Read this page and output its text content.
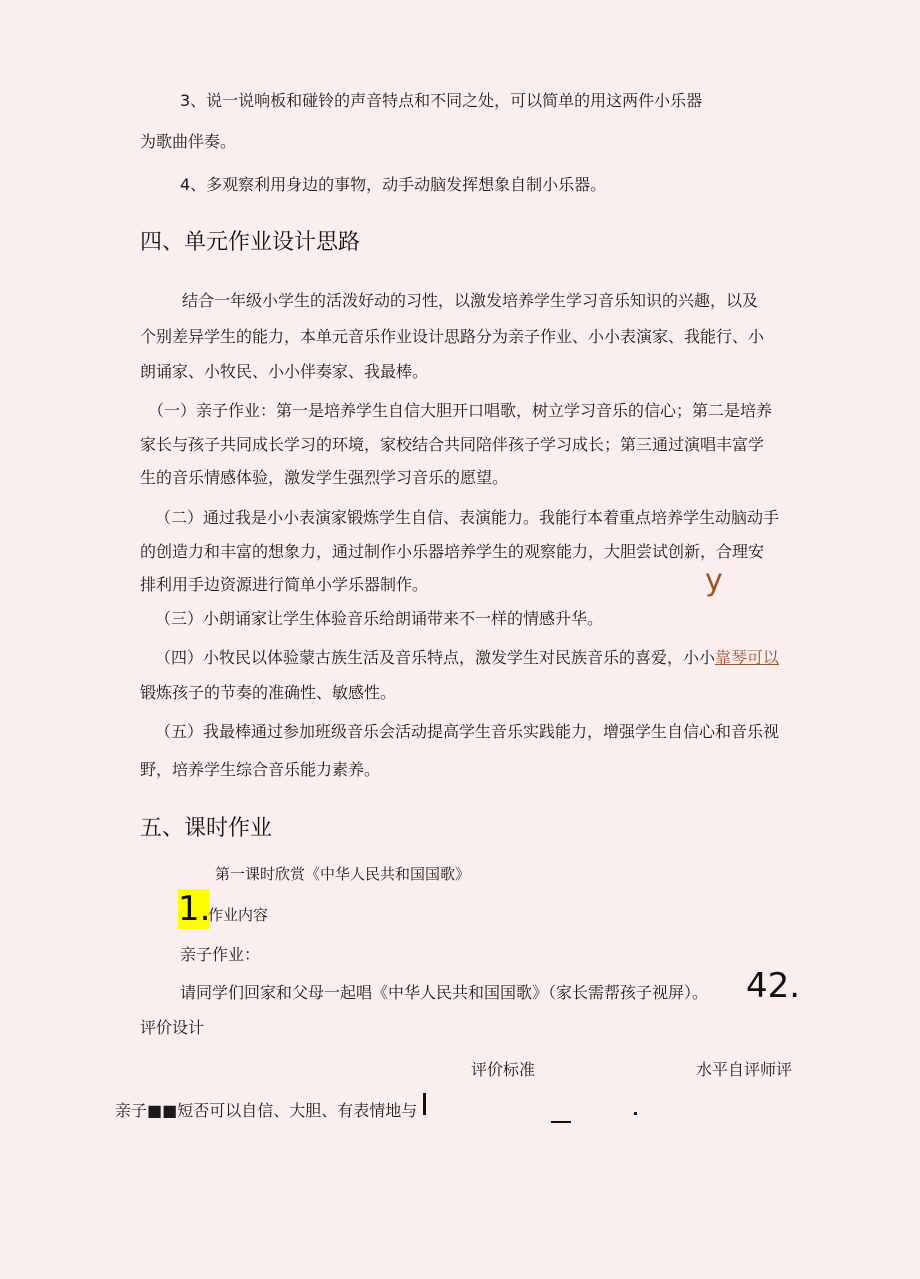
3、说一说响板和碰铃的声音特点和不同之处，可以简单的用这两件小乐器
为歌曲伴奏。
4、多观察利用身边的事物，动手动脑发挥想象自制小乐器。
四、单元作业设计思路
结合一年级小学生的活泼好动的习性，以激发培养学生学习音乐知识的兴趣，以及
个别差异学生的能力，本单元音乐作业设计思路分为亲子作业、小小表演家、我能行、小
朗诵家、小牧民、小小伴奏家、我最棒。
（一）亲子作业：第一是培养学生自信大胆开口唱歌，树立学习音乐的信心；第二是培养
家长与孩子共同成长学习的环境，家校结合共同陪伴孩子学习成长；第三通过演唱丰富学
生的音乐情感体验，激发学生强烈学习音乐的愿望。
（二）通过我是小小表演家锻炼学生自信、表演能力。我能行本着重点培养学生动脑动手
的创造力和丰富的想象力，通过制作小乐器培养学生的观察能力，大胆尝试创新，合理安
排利用手边资源进行简单小学乐器制作。	y
（三）小朗诵家让学生体验音乐给朗诵带来不一样的情感升华。
（四）小牧民以体验蒙古族生活及音乐特点，激发学生对民族音乐的喜爱，小小靠琴可以
锻炼孩子的节奏的准确性、敏感性。
（五）我最棒通过参加班级音乐会活动提高学生音乐实践能力，增强学生自信心和音乐视
野，培养学生综合音乐能力素养。
五、课时作业
第一课时欣赏《中华人民共和国国歌》
1.
作业内容
亲子作业：
请同学们回家和父母一起唱《中华人民共和国国歌》（家长需帮孩子视屏）。 42.
评价设计
评价标准	水平自评师评
亲子■■短否可以自信、大胆、有表情地与
